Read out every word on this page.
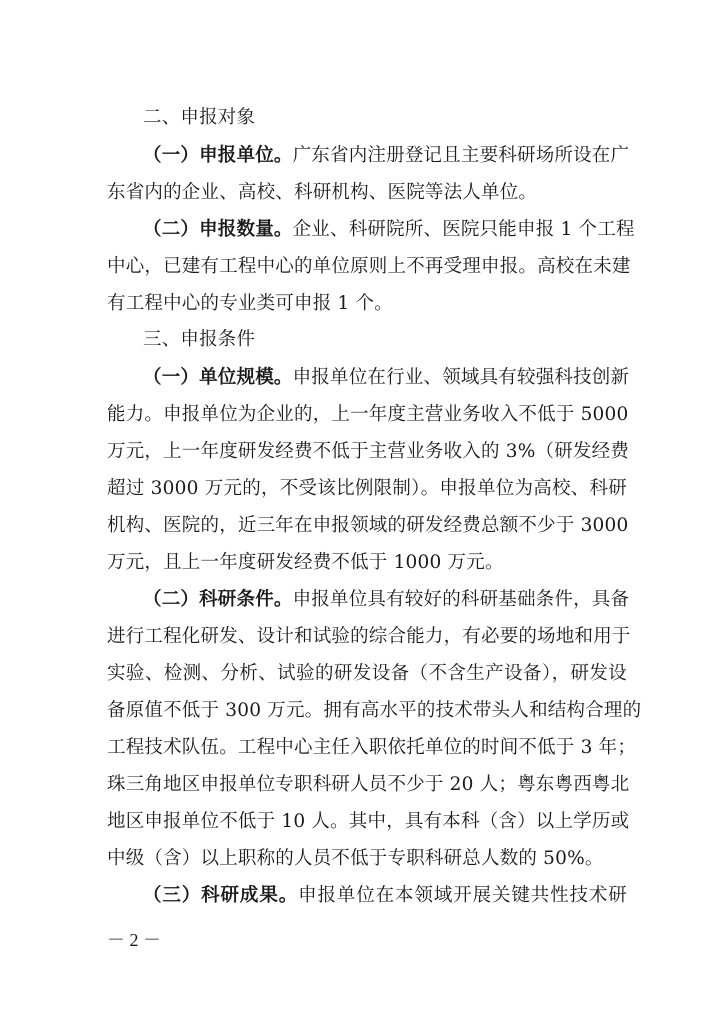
二、申报对象
（一）申报单位。广东省内注册登记且主要科研场所设在广
东省内的企业、高校、科研机构、医院等法人单位。
（二）申报数量。企业、科研院所、医院只能申报 1 个工程
中心，已建有工程中心的单位原则上不再受理申报。高校在未建
有工程中心的专业类可申报 1 个。
三、申报条件
（一）单位规模。申报单位在行业、领域具有较强科技创新
能力。申报单位为企业的，上一年度主营业务收入不低于 5000
万元，上一年度研发经费不低于主营业务收入的 3%（研发经费
超过 3000 万元的，不受该比例限制）。申报单位为高校、科研
机构、医院的，近三年在申报领域的研发经费总额不少于 3000
万元，且上一年度研发经费不低于 1000 万元。
（二）科研条件。申报单位具有较好的科研基础条件，具备
进行工程化研发、设计和试验的综合能力，有必要的场地和用于
实验、检测、分析、试验的研发设备（不含生产设备），研发设
备原值不低于 300 万元。拥有高水平的技术带头人和结构合理的
工程技术队伍。工程中心主任入职依托单位的时间不低于 3 年；
珠三角地区申报单位专职科研人员不少于 20 人；粤东粤西粤北
地区申报单位不低于 10 人。其中，具有本科（含）以上学历或
中级（含）以上职称的人员不低于专职科研总人数的 50%。
（三）科研成果。申报单位在本领域开展关键共性技术研
－ 2 －
